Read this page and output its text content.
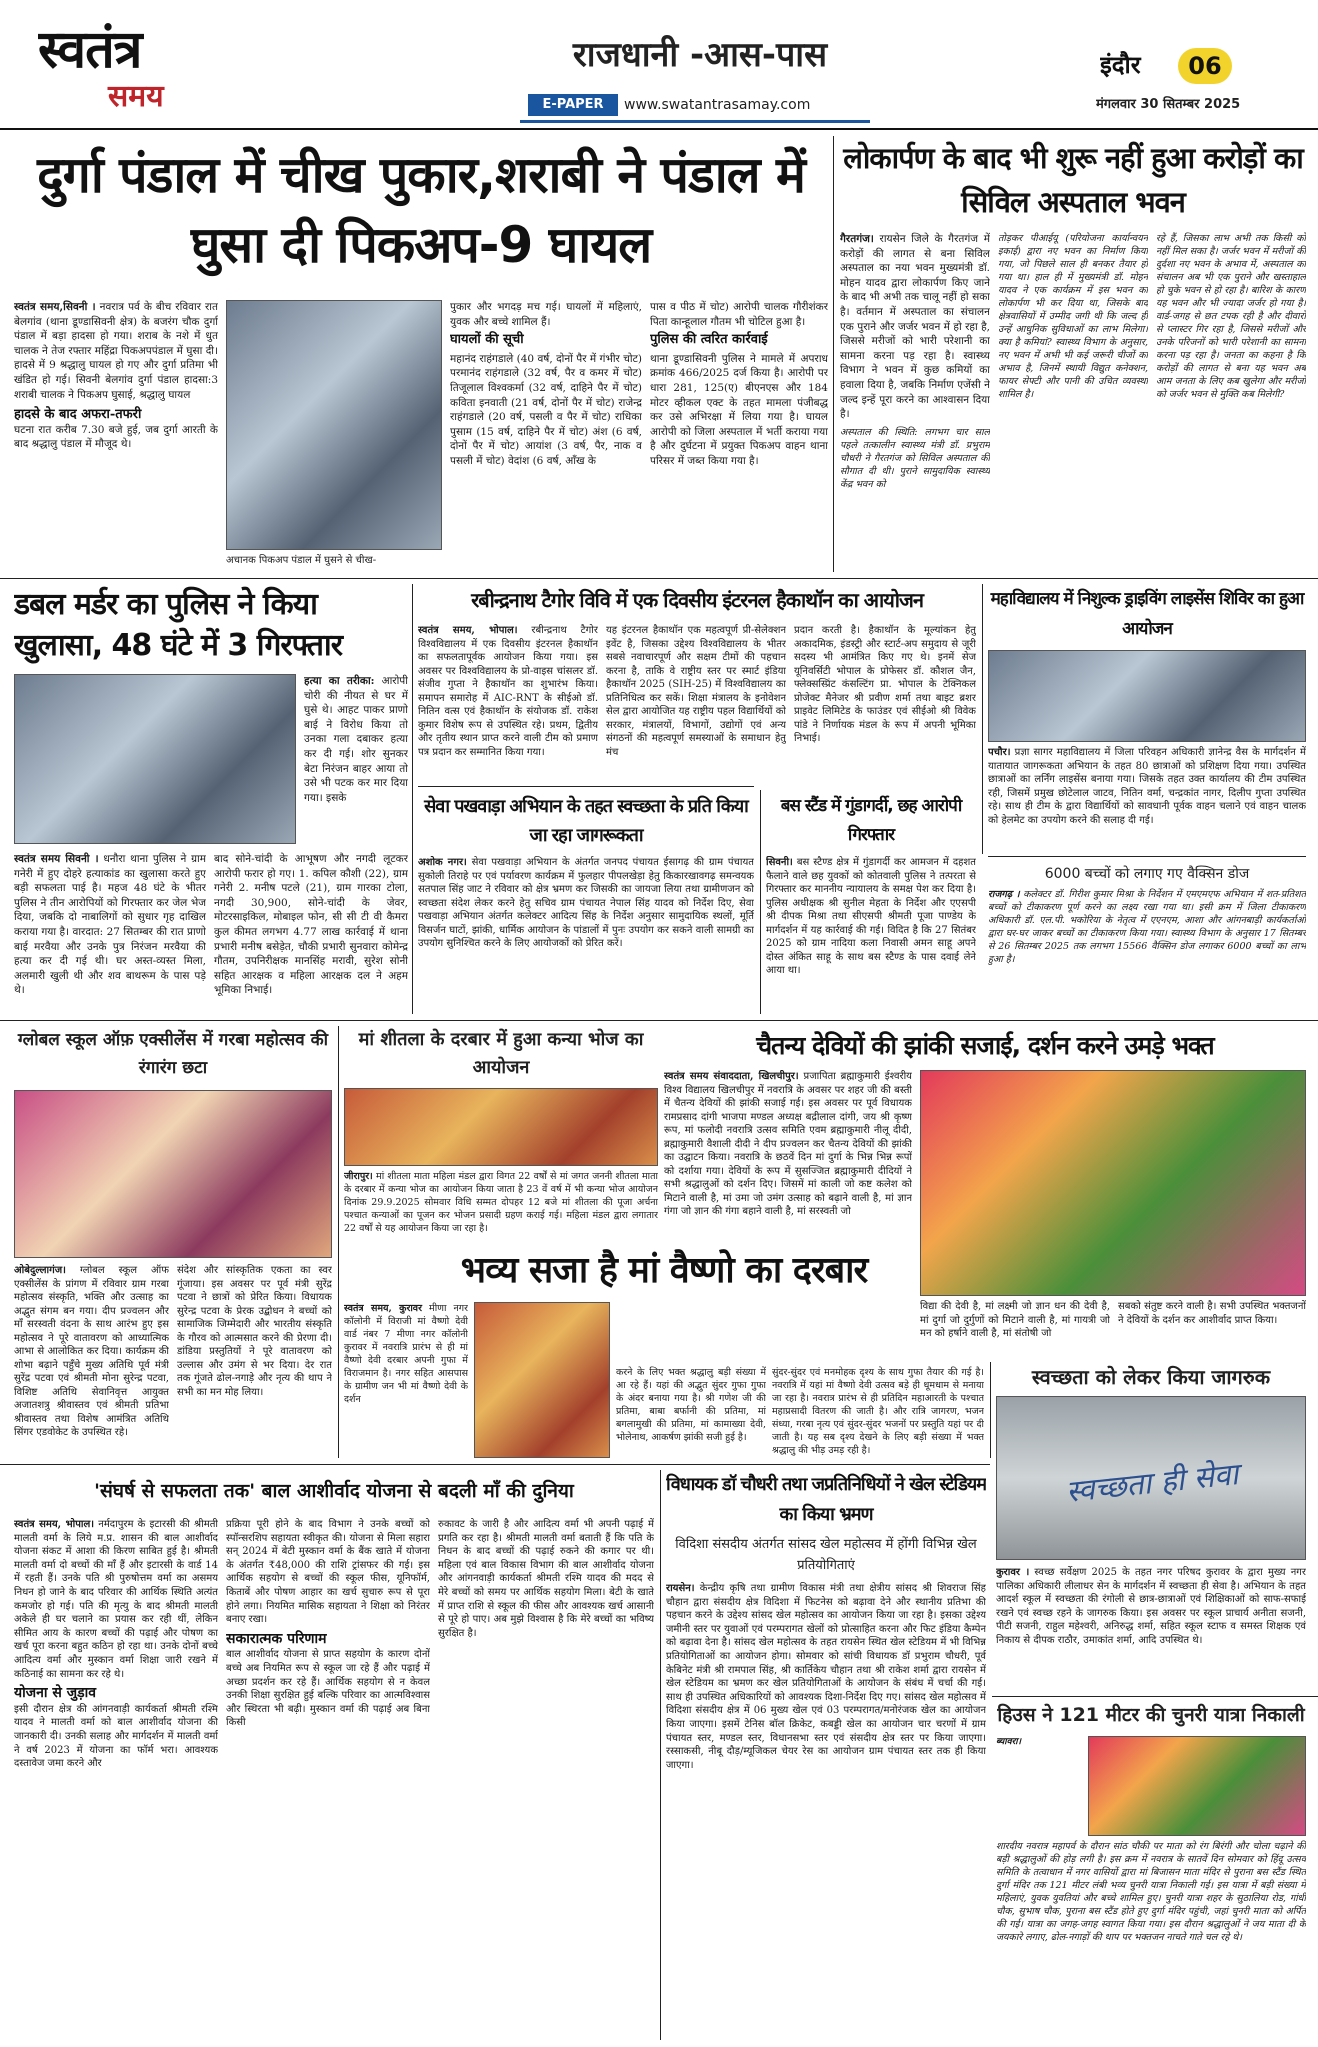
स्वतंत्र
समय
राजधानी -आस-पास
E-PAPER	www.swatantrasamay.com
इंदौर	06
मंगलवार 30 सितम्बर 2025
दुर्गा पंडाल में चीख पुकार,शराबी ने पंडाल में घुसा दी पिकअप-9 घायल
स्वतंत्र समय,सिवनी । नवरात्र पर्व के बीच रविवार रात बेलगांव (थाना डूण्डासिवनी क्षेत्र) के बजरंग चौक दुर्गा पंडाल में बड़ा हादसा हो गया। शराब के नशे में धुत चालक ने तेज रफ्तार महिंद्रा पिकअपपंडाल में घुसा दी। हादसे में 9 श्रद्धालु घायल हो गए और दुर्गा प्रतिमा भी खंडित हो गई। सिवनी बेलगांव दुर्गा पंडाल हादसा:3 शराबी चालक ने पिकअप घुसाई, श्रद्धालु घायल
हादसे के बाद अफरा-तफरी
घटना रात करीब 7.30 बजे हुई, जब दुर्गा आरती के बाद श्रद्धालु पंडाल में मौजूद थे।
अचानक पिकअप पंडाल में घुसने से चीख-
पुकार और भगदड़ मच गई। घायलों में महिलाएं, युवक और बच्चे शामिल हैं।
घायलों की सूची
महानंद राहंगडाले (40 वर्ष, दोनों पैर में गंभीर चोट) परमानंद राहंगडाले (32 वर्ष, पैर व कमर में चोट) तिजूलाल विश्वकर्मा (32 वर्ष, दाहिने पैर में चोट) कविता इनवाती (21 वर्ष, दोनों पैर में चोट) राजेन्द्र राहंगडाले (20 वर्ष, पसली व पैर में चोट) राधिका पुसाम (15 वर्ष, दाहिने पैर में चोट) अंश (6 वर्ष, दोनों पैर में चोट) आयांश (3 वर्ष, पैर, नाक व पसली में चोट) वेदांश (6 वर्ष, आँख के
पास व पीठ में चोट) आरोपी चालक गौरीशंकर पिता कान्हूलाल गौतम भी चोटिल हुआ है।
पुलिस की त्वरित कार्रवाई
थाना डूण्डासिवनी पुलिस ने मामले में अपराध क्रमांक 466/2025 दर्ज किया है। आरोपी पर धारा 281, 125(ए) बीएनएस और 184 मोटर व्हीकल एक्ट के तहत मामला पंजीबद्ध कर उसे अभिरक्षा में लिया गया है। घायल आरोपी को जिला अस्पताल में भर्ती कराया गया है और दुर्घटना में प्रयुक्त पिकअप वाहन थाना परिसर में जब्त किया गया है।
लोकार्पण के बाद भी शुरू नहीं हुआ करोड़ों का सिविल अस्पताल भवन
गैरतगंज। रायसेन जिले के गैरतगंज में करोड़ों की लागत से बना सिविल अस्पताल का नया भवन मुख्यमंत्री डॉ. मोहन यादव द्वारा लोकार्पण किए जाने के बाद भी अभी तक चालू नहीं हो सका है। वर्तमान में अस्पताल का संचालन एक पुराने और जर्जर भवन में हो रहा है, जिससे मरीजों को भारी परेशानी का सामना करना पड़ रहा है। स्वास्थ्य विभाग ने भवन में कुछ कमियों का हवाला दिया है, जबकि निर्माण एजेंसी ने जल्द इन्हें पूरा करने का आश्वासन दिया है।
अस्पताल की स्थिति: लगभग चार साल पहले तत्कालीन स्वास्थ्य मंत्री डॉ. प्रभुराम चौधरी ने गैरतगंज को सिविल अस्पताल की सौगात दी थी। पुराने सामुदायिक स्वास्थ्य केंद्र भवन को
तोड़कर पीआईयू (परियोजना कार्यान्वयन इकाई) द्वारा नए भवन का निर्माण किया गया, जो पिछले साल ही बनकर तैयार हो गया था। हाल ही में मुख्यमंत्री डॉ. मोहन यादव ने एक कार्यक्रम में इस भवन का लोकार्पण भी कर दिया था, जिसके बाद क्षेत्रवासियों में उम्मीद जगी थी कि जल्द ही उन्हें आधुनिक सुविधाओं का लाभ मिलेगा। क्या है कमियां? स्वास्थ्य विभाग के अनुसार, नए भवन में अभी भी कई जरूरी चीजों का अभाव है, जिनमें स्थायी विद्युत कनेक्शन, फायर सेफ्टी और पानी की उचित व्यवस्था शामिल है।
रहे हैं, जिसका लाभ अभी तक किसी को नहीं मिल सका है। जर्जर भवन में मरीजों की दुर्दशा नए भवन के अभाव में, अस्पताल का संचालन अब भी एक पुराने और खस्ताहाल हो चुके भवन से हो रहा है। बारिश के कारण यह भवन और भी ज्यादा जर्जर हो गया है। वार्ड-जगह से छत टपक रही है और दीवारों से प्लास्टर गिर रहा है, जिससे मरीजों और उनके परिजनों को भारी परेशानी का सामना करना पड़ रहा है। जनता का कहना है कि करोड़ों की लागत से बना यह भवन अब आम जनता के लिए कब खुलेगा और मरीजों को जर्जर भवन से मुक्ति कब मिलेगी?
डबल मर्डर का पुलिस ने किया खुलासा, 48 घंटे में 3 गिरफ्तार
हत्या का तरीका: आरोपी चोरी की नीयत से घर में घुसे थे। आहट पाकर प्राणो बाई ने विरोध किया तो उनका गला दबाकर हत्या कर दी गई। शोर सुनकर बेटा निरंजन बाहर आया तो उसे भी पटक कर मार दिया गया। इसके
स्वतंत्र समय सिवनी । धनौरा थाना पुलिस ने ग्राम गनेरी में हुए दोहरे हत्याकांड का खुलासा करते हुए बड़ी सफलता पाई है। महज 48 घंटे के भीतर पुलिस ने तीन आरोपियों को गिरफ्तार कर जेल भेज दिया, जबकि दो नाबालिगों को सुधार गृह दाखिल कराया गया है। वारदात: 27 सितम्बर की रात प्राणो बाई मरवैया और उनके पुत्र निरंजन मरवैया की हत्या कर दी गई थी। घर अस्त-व्यस्त मिला, अलमारी खुली थी और शव बाथरूम के पास पड़े थे।
बाद सोने-चांदी के आभूषण और नगदी लूटकर आरोपी फरार हो गए। 1. कपिल कौशी (22), ग्राम गनेरी 2. मनीष पटले (21), ग्राम गारका टोला, नगदी 30,900, सोने-चांदी के जेवर, मोटरसाइकिल, मोबाइल फोन, सी सी टी वी कैमरा कुल कीमत लगभग 4.77 लाख कार्रवाई में थाना प्रभारी मनीष बसेड़ेत, चौकी प्रभारी सुनवारा कोमेन्द्र गौतम, उपनिरीक्षक मानसिंह मरावी, सुरेश सोनी सहित आरक्षक व महिला आरक्षक दल ने अहम भूमिका निभाई।
रबीन्द्रनाथ टैगोर विवि में एक दिवसीय इंटरनल हैकाथॉन का आयोजन
स्वतंत्र समय, भोपाल। रबीन्द्रनाथ टैगोर विश्वविद्यालय में एक दिवसीय इंटरनल हैकाथॉन का सफलतापूर्वक आयोजन किया गया। इस अवसर पर विश्वविद्यालय के प्रो-वाइस चांसलर डॉ. संजीव गुप्ता ने हैकाथॉन का शुभारंभ किया। समापन समारोह में AIC-RNT के सीईओ डॉ. नितिन वत्स एवं हैकाथॉन के संयोजक डॉ. राकेश कुमार विशेष रूप से उपस्थित रहे। प्रथम, द्वितीय और तृतीय स्थान प्राप्त करने वाली टीम को प्रमाण पत्र प्रदान कर सम्मानित किया गया।
यह इंटरनल हैकाथॉन एक महत्वपूर्ण प्री-सेलेक्शन इवेंट है, जिसका उद्देश्य विश्वविद्यालय के भीतर सबसे नवाचारपूर्ण और सक्षम टीमों की पहचान करना है, ताकि वे राष्ट्रीय स्तर पर स्मार्ट इंडिया हैकाथॉन 2025 (SIH-25) में विश्वविद्यालय का प्रतिनिधित्व कर सकें। शिक्षा मंत्रालय के इनोवेशन सेल द्वारा आयोजित यह राष्ट्रीय पहल विद्यार्थियों को सरकार, मंत्रालयों, विभागों, उद्योगों एवं अन्य संगठनों की महत्वपूर्ण समस्याओं के समाधान हेतु मंच
प्रदान करती है। हैकाथॉन के मूल्यांकन हेतु अकादमिक, इंडस्ट्री और स्टार्ट-अप समुदाय से जूरी सदस्य भी आमंत्रित किए गए थे। इनमें सेज यूनिवर्सिटी भोपाल के प्रोफेसर डॉ. कौशल जैन, फ्लेक्सस्प्रिंट कंसल्टिंग प्रा. भोपाल के टेक्निकल प्रोजेक्ट मैनेजर श्री प्रवीण शर्मा तथा बाइट ब्रशर प्राइवेट लिमिटेड के फाउंडर एवं सीईओ श्री विवेक पांडे ने निर्णायक मंडल के रूप में अपनी भूमिका निभाई।
महाविद्यालय में निशुल्क ड्राइविंग लाइसेंस शिविर का हुआ आयोजन
पचौर। प्रज्ञा सागर महाविद्यालय में जिला परिवहन अधिकारी ज्ञानेन्द्र वैस के मार्गदर्शन में यातायात जागरूकता अभियान के तहत 80 छात्राओं को प्रशिक्षण दिया गया। उपस्थित छात्राओं का लर्निंग लाइसेंस बनाया गया। जिसके तहत उक्त कार्यालय की टीम उपस्थित रही, जिसमें प्रमुख छोटेलाल जाटव, नितिन वर्मा, चन्द्रकांत नागर, दिलीप गुप्ता उपस्थित रहे। साथ ही टीम के द्वारा विद्यार्थियों को सावधानी पूर्वक वाहन चलाने एवं वाहन चालक को हेलमेट का उपयोग करने की सलाह दी गई।
सेवा पखवाड़ा अभियान के तहत स्वच्छता के प्रति किया जा रहा जागरूकता
अशोक नगर। सेवा पखवाड़ा अभियान के अंतर्गत जनपद पंचायत ईसागढ़ की ग्राम पंचायत सुकोली तिराहे पर एवं पर्यावरण कार्यक्रम में फुलहार पीपलखेड़ा हेतु किकारखावगढ़ समन्वयक सतपाल सिंह जाट ने रविवार को क्षेत्र भ्रमण कर जिसकी का जायजा लिया तथा ग्रामीणजन को स्वच्छता संदेश लेकर करने हेतु सचिव ग्राम पंचायत नेपाल सिंह यादव को निर्देश दिए, सेवा पखवाड़ा अभियान अंतर्गत कलेक्टर आदित्य सिंह के निर्देश अनुसार सामुदायिक स्थलों, मूर्ति विसर्जन घाटों, झांकी, धार्मिक आयोजन के पांडालों में पुनः उपयोग कर सकने वाली सामग्री का उपयोग सुनिश्चित करने के लिए आयोजकों को प्रेरित करें।
बस स्टैंड में गुंडागर्दी, छह आरोपी गिरफ्तार
सिवनी। बस स्टैण्ड क्षेत्र में गुंडागर्दी कर आमजन में दहशत फैलाने वाले छह युवकों को कोतवाली पुलिस ने तत्परता से गिरफ्तार कर माननीय न्यायालय के समक्ष पेश कर दिया है। पुलिस अधीक्षक श्री सुनील मेहता के निर्देश और एएसपी श्री दीपक मिश्रा तथा सीएसपी श्रीमती पूजा पाण्डेय के मार्गदर्शन में यह कार्रवाई की गई। विदित है कि 27 सितंबर 2025 को ग्राम नादिया कला निवासी अमन साहू अपने दोस्त अंकित साहू के साथ बस स्टैण्ड के पास दवाई लेने आया था।
6000 बच्चों को लगाए गए वैक्सिन डोज
राजगढ़ । कलेक्टर डॉ. गिरीश कुमार मिश्रा के निर्देशन में एमएमएफ अभियान में शत-प्रतिशत बच्चों को टीकाकरण पूर्ण करने का लक्ष्य रखा गया था। इसी क्रम में जिला टीकाकरण अधिकारी डॉ. एल.पी. भकोरिया के नेतृत्व में एएनएम, आशा और आंगनबाड़ी कार्यकर्ताओं द्वारा घर-घर जाकर बच्चों का टीकाकरण किया गया। स्वास्थ्य विभाग के अनुसार 17 सितम्बर से 26 सितम्बर 2025 तक लगभग 15566 वैक्सिन डोज लगाकर 6000 बच्चों का लाभ हुआ है।
ग्लोबल स्कूल ऑफ़ एक्सीलेंस में गरबा महोत्सव की रंगारंग छटा
ओबेदुल्लागंज। ग्लोबल स्कूल ऑफ एक्सीलेंस के प्रांगण में रविवार ग्राम गरबा महोत्सव संस्कृति, भक्ति और उत्साह का अद्भुत संगम बन गया। दीप प्रज्वलन और माँ सरस्वती वंदना के साथ आरंभ हुए इस महोत्सव ने पूरे वातावरण को आध्यात्मिक आभा से आलोकित कर दिया। कार्यक्रम की शोभा बढ़ाने पहुँचे मुख्य अतिथि पूर्व मंत्री सुरेंद्र पटवा एवं श्रीमती मोना सुरेन्द्र पटवा, विशिष्ट अतिथि सेवानिवृत्त आयुक्त अजातशत्रु श्रीवास्तव एवं श्रीमती प्रतिभा श्रीवास्तव तथा विशेष आमंत्रित अतिथि सिंगर एडवोकेट के उपस्थित रहे।
संदेश और सांस्कृतिक एकता का स्वर गूंजाया। इस अवसर पर पूर्व मंत्री सुरेंद्र पटवा ने छात्रों को प्रेरित किया। विधायक सुरेन्द्र पटवा के प्रेरक उद्बोधन ने बच्चों को सामाजिक जिम्मेदारी और भारतीय संस्कृति के गौरव को आत्मसात करने की प्रेरणा दी। डांडिया प्रस्तुतियों ने पूरे वातावरण को उल्लास और उमंग से भर दिया। देर रात तक गूंजते ढोल-नगाड़े और नृत्य की थाप ने सभी का मन मोह लिया।
मां शीतला के दरबार में हुआ कन्या भोज का आयोजन
जीरापुर। मां शीतला माता महिला मंडल द्वारा विगत 22 वर्षों से मां जगत जननी शीतला माता के दरबार में कन्या भोज का आयोजन किया जाता है 23 वें वर्ष में भी कन्या भोज आयोजन दिनांक 29.9.2025 सोमवार विधि सम्मत दोपहर 12 बजे मां शीतला की पूजा अर्चना पश्चात कन्याओं का पूजन कर भोजन प्रसादी ग्रहण कराई गई। महिला मंडल द्वारा लगातार 22 वर्षों से यह आयोजन किया जा रहा है।
चैतन्य देवियों की झांकी सजाई, दर्शन करने उमड़े भक्त
स्वतंत्र समय संवाददाता, खिलचीपुर। प्रजापिता ब्रह्माकुमारी ईश्वरीय विश्व विद्यालय खिलचीपुर में नवरात्रि के अवसर पर शहर जी की बस्ती में चैतन्य देवियों की झांकी सजाई गई। इस अवसर पर पूर्व विधायक रामप्रसाद दांगी भाजपा मण्डल अध्यक्ष बद्रीलाल दांगी, जय श्री कृष्ण रूप, मां फलोदी नवरात्रि उत्सव समिति एवम ब्रह्माकुमारी नीलू दीदी, ब्रह्माकुमारी वैशाली दीदी ने दीप प्रज्वलन कर चैतन्य देवियों की झांकी का उद्घाटन किया। नवरात्रि के छठवें दिन मां दुर्गा के भिन्न भिन्न रूपों को दर्शाया गया। देवियों के रूप में सुसज्जित ब्रह्माकुमारी दीदियों ने सभी श्रद्धालुओं को दर्शन दिए। जिसमें मां काली जो कष्ट कलेश को मिटाने वाली है, मां उमा जो उमंग उत्साह को बढ़ाने वाली है, मां ज्ञान गंगा जो ज्ञान की गंगा बहाने वाली है, मां सरस्वती जो
विद्या की देवी है, मां लक्ष्मी जो ज्ञान धन की देवी है, मां दुर्गा जो दुर्गुणों को मिटाने वाली है, मां गायत्री जो मन को हर्षाने वाली है, मां संतोषी जो
सबको संतुष्ट करने वाली है। सभी उपस्थित भक्तजनों ने देवियों के दर्शन कर आशीर्वाद प्राप्त किया।
भव्य सजा है मां वैष्णो का दरबार
स्वतंत्र समय, कुरावर मीणा नगर कॉलोनी में विराजी मां वैष्णो देवी वार्ड नंबर 7 मीणा नगर कॉलोनी कुरावर में नवरात्रि प्रारंभ से ही मां वैष्णो देवी दरबार अपनी गुफा में विराजमान है। नगर सहित आसपास के ग्रामीण जन भी मां वैष्णो देवी के दर्शन
करने के लिए भक्त श्रद्धालु बड़ी संख्या में आ रहे हैं। यहां की अद्भुत सुंदर गुफा गुफा के अंदर बनाया गया है। श्री गणेश जी की प्रतिमा, बाबा बर्फानी की प्रतिमा, मां बगलामुखी की प्रतिमा, मां कामाख्या देवी, भोलेनाथ, आकर्षण झांकी सजी हुई है।
सुंदर-सुंदर एवं मनमोहक दृश्य के साथ गुफा तैयार की गई है। नवरात्रि में यहां मां वैष्णो देवी उत्सव बड़े ही धूमधाम से मनाया जा रहा है। नवरात्र प्रारंभ से ही प्रतिदिन महाआरती के पश्चात महाप्रसादी वितरण की जाती है। और रात्रि जागरण, भजन संध्या, गरबा नृत्य एवं सुंदर-सुंदर भजनों पर प्रस्तुति यहां पर दी जाती है। यह सब दृश्य देखने के लिए बड़ी संख्या में भक्त श्रद्धालु की भीड़ उमड़ रही है।
स्वच्छता को लेकर किया जागरुक
स्वच्छता ही सेवा
कुरावर । स्वच्छ सर्वेक्षण 2025 के तहत नगर परिषद कुरावर के द्वारा मुख्य नगर पालिका अधिकारी लीलाधर सेन के मार्गदर्शन में स्वच्छता ही सेवा है। अभियान के तहत आदर्श स्कूल में स्वच्छता की रंगोली से छात्र-छात्राओं एवं शिक्षिकाओं को साफ-सफाई रखने एवं स्वच्छ रहने के जागरुक किया। इस अवसर पर स्कूल प्राचार्य अनीता सजनी, पीटी सजनी, राहुल महेश्वरी, अनिरुद्ध शर्मा, सहित स्कूल स्टाफ व समस्त शिक्षक एवं निकाय से दीपक राठौर, उमाकांत शर्मा, आदि उपस्थित थे।
'संघर्ष से सफलता तक' बाल आशीर्वाद योजना से बदली माँ की दुनिया
स्वतंत्र समय, भोपाल। नर्मदापुरम के इटारसी की श्रीमती मालती वर्मा के लिये म.प्र. शासन की बाल आशीर्वाद योजना संकट में आशा की किरण साबित हुई है। श्रीमती मालती वर्मा दो बच्चों की माँ हैं और इटारसी के वार्ड 14 में रहती हैं। उनके पति श्री पुरुषोत्तम वर्मा का असमय निधन हो जाने के बाद परिवार की आर्थिक स्थिति अत्यंत कमजोर हो गई। पति की मृत्यु के बाद श्रीमती मालती अकेले ही घर चलाने का प्रयास कर रही थीं, लेकिन सीमित आय के कारण बच्चों की पढ़ाई और पोषण का खर्च पूरा करना बहुत कठिन हो रहा था। उनके दोनों बच्चे आदित्य वर्मा और मुस्कान वर्मा शिक्षा जारी रखने में कठिनाई का सामना कर रहे थे।
योजना से जुड़ाव
इसी दौरान क्षेत्र की आंगनवाड़ी कार्यकर्ता श्रीमती रश्मि यादव ने मालती वर्मा को बाल आशीर्वाद योजना की जानकारी दी। उनकी सलाह और मार्गदर्शन में मालती वर्मा ने वर्ष 2023 में योजना का फॉर्म भरा। आवश्यक दस्तावेज जमा करने और
प्रक्रिया पूरी होने के बाद विभाग ने उनके बच्चों को स्पॉन्सरशिप सहायता स्वीकृत की। योजना से मिला सहारा सन् 2024 में बेटी मुस्कान वर्मा के बैंक खाते में योजना के अंतर्गत ₹48,000 की राशि ट्रांसफर की गई। इस आर्थिक सहयोग से बच्चों की स्कूल फीस, यूनिफॉर्म, किताबें और पोषण आहार का खर्च सुचारु रूप से पूरा होने लगा। नियमित मासिक सहायता ने शिक्षा को निरंतर बनाए रखा।
सकारात्मक परिणाम
बाल आशीर्वाद योजना से प्राप्त सहयोग के कारण दोनों बच्चे अब नियमित रूप से स्कूल जा रहे हैं और पढ़ाई में अच्छा प्रदर्शन कर रहे हैं। आर्थिक सहयोग से न केवल उनकी शिक्षा सुरक्षित हुई बल्कि परिवार का आत्मविश्वास और स्थिरता भी बढ़ी। मुस्कान वर्मा की पढ़ाई अब बिना किसी
रुकावट के जारी है और आदित्य वर्मा भी अपनी पढ़ाई में प्रगति कर रहा है। श्रीमती मालती वर्मा बताती हैं कि पति के निधन के बाद बच्चों की पढ़ाई रुकने की कगार पर थी। महिला एवं बाल विकास विभाग की बाल आशीर्वाद योजना और आंगनवाड़ी कार्यकर्ता श्रीमती रश्मि यादव की मदद से मेरे बच्चों को समय पर आर्थिक सहयोग मिला। बेटी के खाते में प्राप्त राशि से स्कूल की फीस और आवश्यक खर्च आसानी से पूरे हो पाए। अब मुझे विश्वास है कि मेरे बच्चों का भविष्य सुरक्षित है।
विधायक डॉ चौधरी तथा जप्रतिनिधियों ने खेल स्टेडियम का किया भ्रमण
विदिशा संसदीय अंतर्गत सांसद खेल महोत्सव में होंगी विभिन्न खेल प्रतियोगिताएं
रायसेन। केन्द्रीय कृषि तथा ग्रामीण विकास मंत्री तथा क्षेत्रीय सांसद श्री शिवराज सिंह चौहान द्वारा संसदीय क्षेत्र विदिशा में फिटनेस को बढ़ावा देने और स्थानीय प्रतिभा की पहचान करने के उद्देश्य सांसद खेल महोत्सव का आयोजन किया जा रहा है। इसका उद्देश्य जमीनी स्तर पर युवाओं एवं परम्परागत खेलों को प्रोत्साहित करना और फिट इंडिया कैम्पेन को बढ़ावा देना है। सांसद खेल महोत्सव के तहत रायसेन स्थित खेल स्टेडियम में भी विभिन्न प्रतियोगिताओं का आयोजन होगा। सोमवार को सांची विधायक डॉ प्रभुराम चौधरी, पूर्व केबिनेट मंत्री श्री रामपाल सिंह, श्री कार्तिकेय चौहान तथा श्री राकेश शर्मा द्वारा रायसेन में खेल स्टेडियम का भ्रमण कर खेल प्रतियोगिताओं के आयोजन के संबंध में चर्चा की गई। साथ ही उपस्थित अधिकारियों को आवश्यक दिशा-निर्देश दिए गए। सांसद खेल महोत्सव में विदिशा संसदीय क्षेत्र में 06 मुख्य खेल एवं 03 परम्परागत/मनोरंजक खेल का आयोजन किया जाएगा। इसमें टेनिस बॉल क्रिकेट, कबड्डी खेल का आयोजन चार चरणों में ग्राम पंचायत स्तर, मण्डल स्तर, विधानसभा स्तर एवं संसदीय क्षेत्र स्तर पर किया जाएगा। रस्साकसी, नीबू दौड़/म्यूजिकल चेयर रेस का आयोजन ग्राम पंचायत स्तर तक ही किया जाएगा।
हिउस ने 121 मीटर की चुनरी यात्रा निकाली
ब्यावरा।
शारदीय नवरात्र महापर्व के दौरान सांठ चौकी पर माता को रंग बिरंगी और चोला चढ़ाने की बड़ी श्रद्धालुओं की होड़ लगी है। इस क्रम में नवरात्र के सातवें दिन सोमवार को हिंदू उत्सव समिति के तत्वाधान में नगर वासियों द्वारा मां बिजासन माता मंदिर से पुराना बस स्टैंड स्थित दुर्गा मंदिर तक 121 मीटर लंबी भव्य चुनरी यात्रा निकाली गई। इस यात्रा में बड़ी संख्या में महिलाएं, युवक युवतियां और बच्चे शामिल हुए। चुनरी यात्रा शहर के सुठालिया रोड, गांधी चौक, सुभाष चौक, पुराना बस स्टैंड होते हुए दुर्गा मंदिर पहुंची, जहां चुनरी माता को अर्पित की गई। यात्रा का जगह-जगह स्वागत किया गया। इस दौरान श्रद्धालुओं ने जय माता दी के जयकारे लगाए, ढोल-नगाड़ों की थाप पर भक्तजन नाचते गाते चल रहे थे।
